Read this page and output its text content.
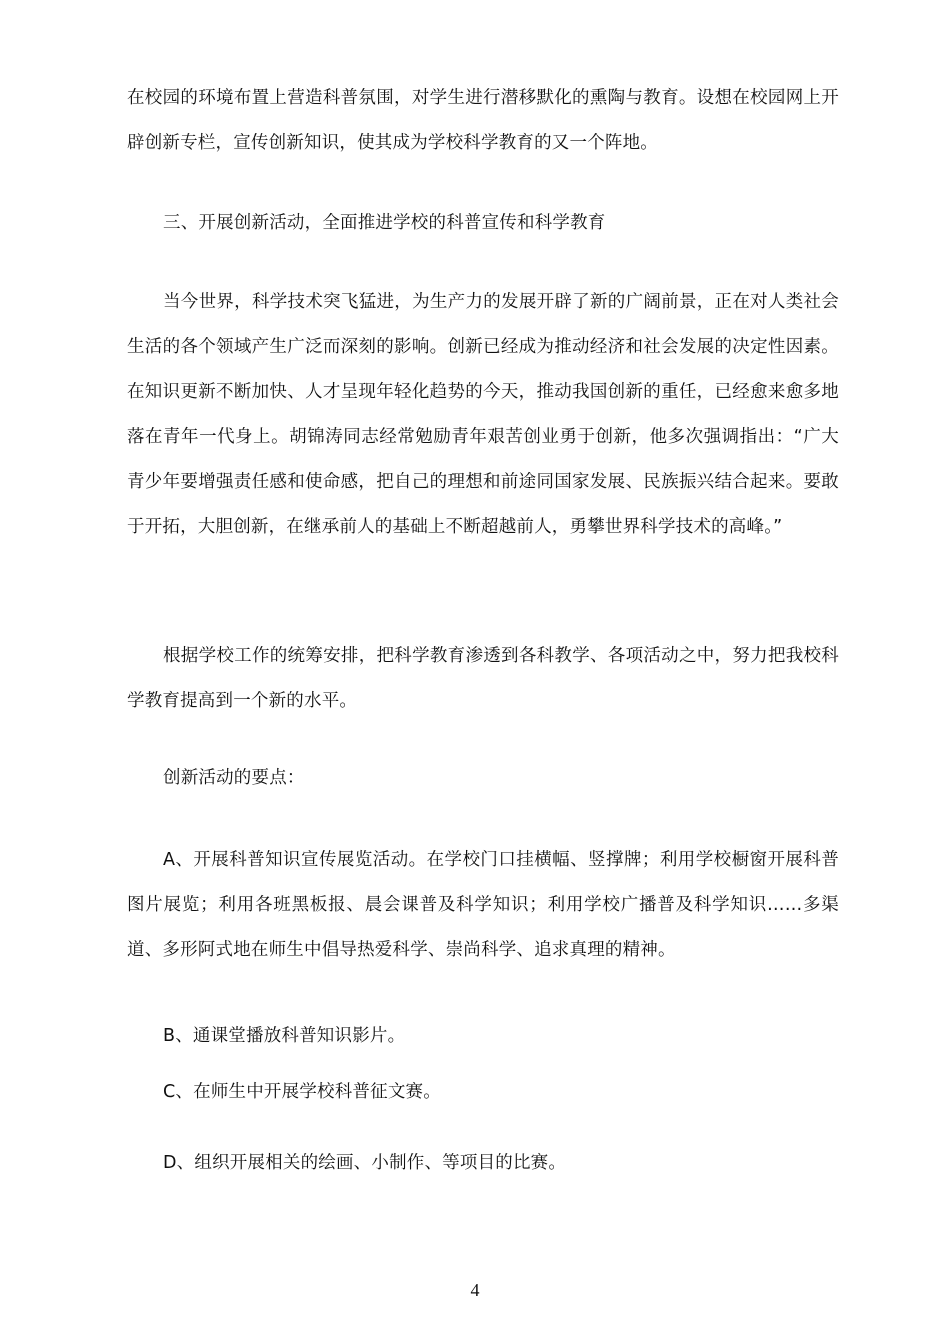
在校园的环境布置上营造科普氛围，对学生进行潜移默化的熏陶与教育。设想在校园网上开辟创新专栏，宣传创新知识，使其成为学校科学教育的又一个阵地。

三、开展创新活动，全面推进学校的科普宣传和科学教育

当今世界，科学技术突飞猛进，为生产力的发展开辟了新的广阔前景，正在对人类社会生活的各个领域产生广泛而深刻的影响。创新已经成为推动经济和社会发展的决定性因素。在知识更新不断加快、人才呈现年轻化趋势的今天，推动我国创新的重任，已经愈来愈多地落在青年一代身上。胡锦涛同志经常勉励青年艰苦创业勇于创新，他多次强调指出：“广大青少年要增强责任感和使命感，把自己的理想和前途同国家发展、民族振兴结合起来。要敢于开拓，大胆创新，在继承前人的基础上不断超越前人，勇攀世界科学技术的高峰。”

根据学校工作的统筹安排，把科学教育渗透到各科教学、各项活动之中，努力把我校科学教育提高到一个新的水平。

创新活动的要点：

A、开展科普知识宣传展览活动。在学校门口挂横幅、竖撑牌；利用学校橱窗开展科普图片展览；利用各班黑板报、晨会课普及科学知识；利用学校广播普及科学知识……多渠道、多形阿式地在师生中倡导热爱科学、崇尚科学、追求真理的精神。

B、通课堂播放科普知识影片。

C、在师生中开展学校科普征文赛。

D、组织开展相关的绘画、小制作、等项目的比赛。

4
